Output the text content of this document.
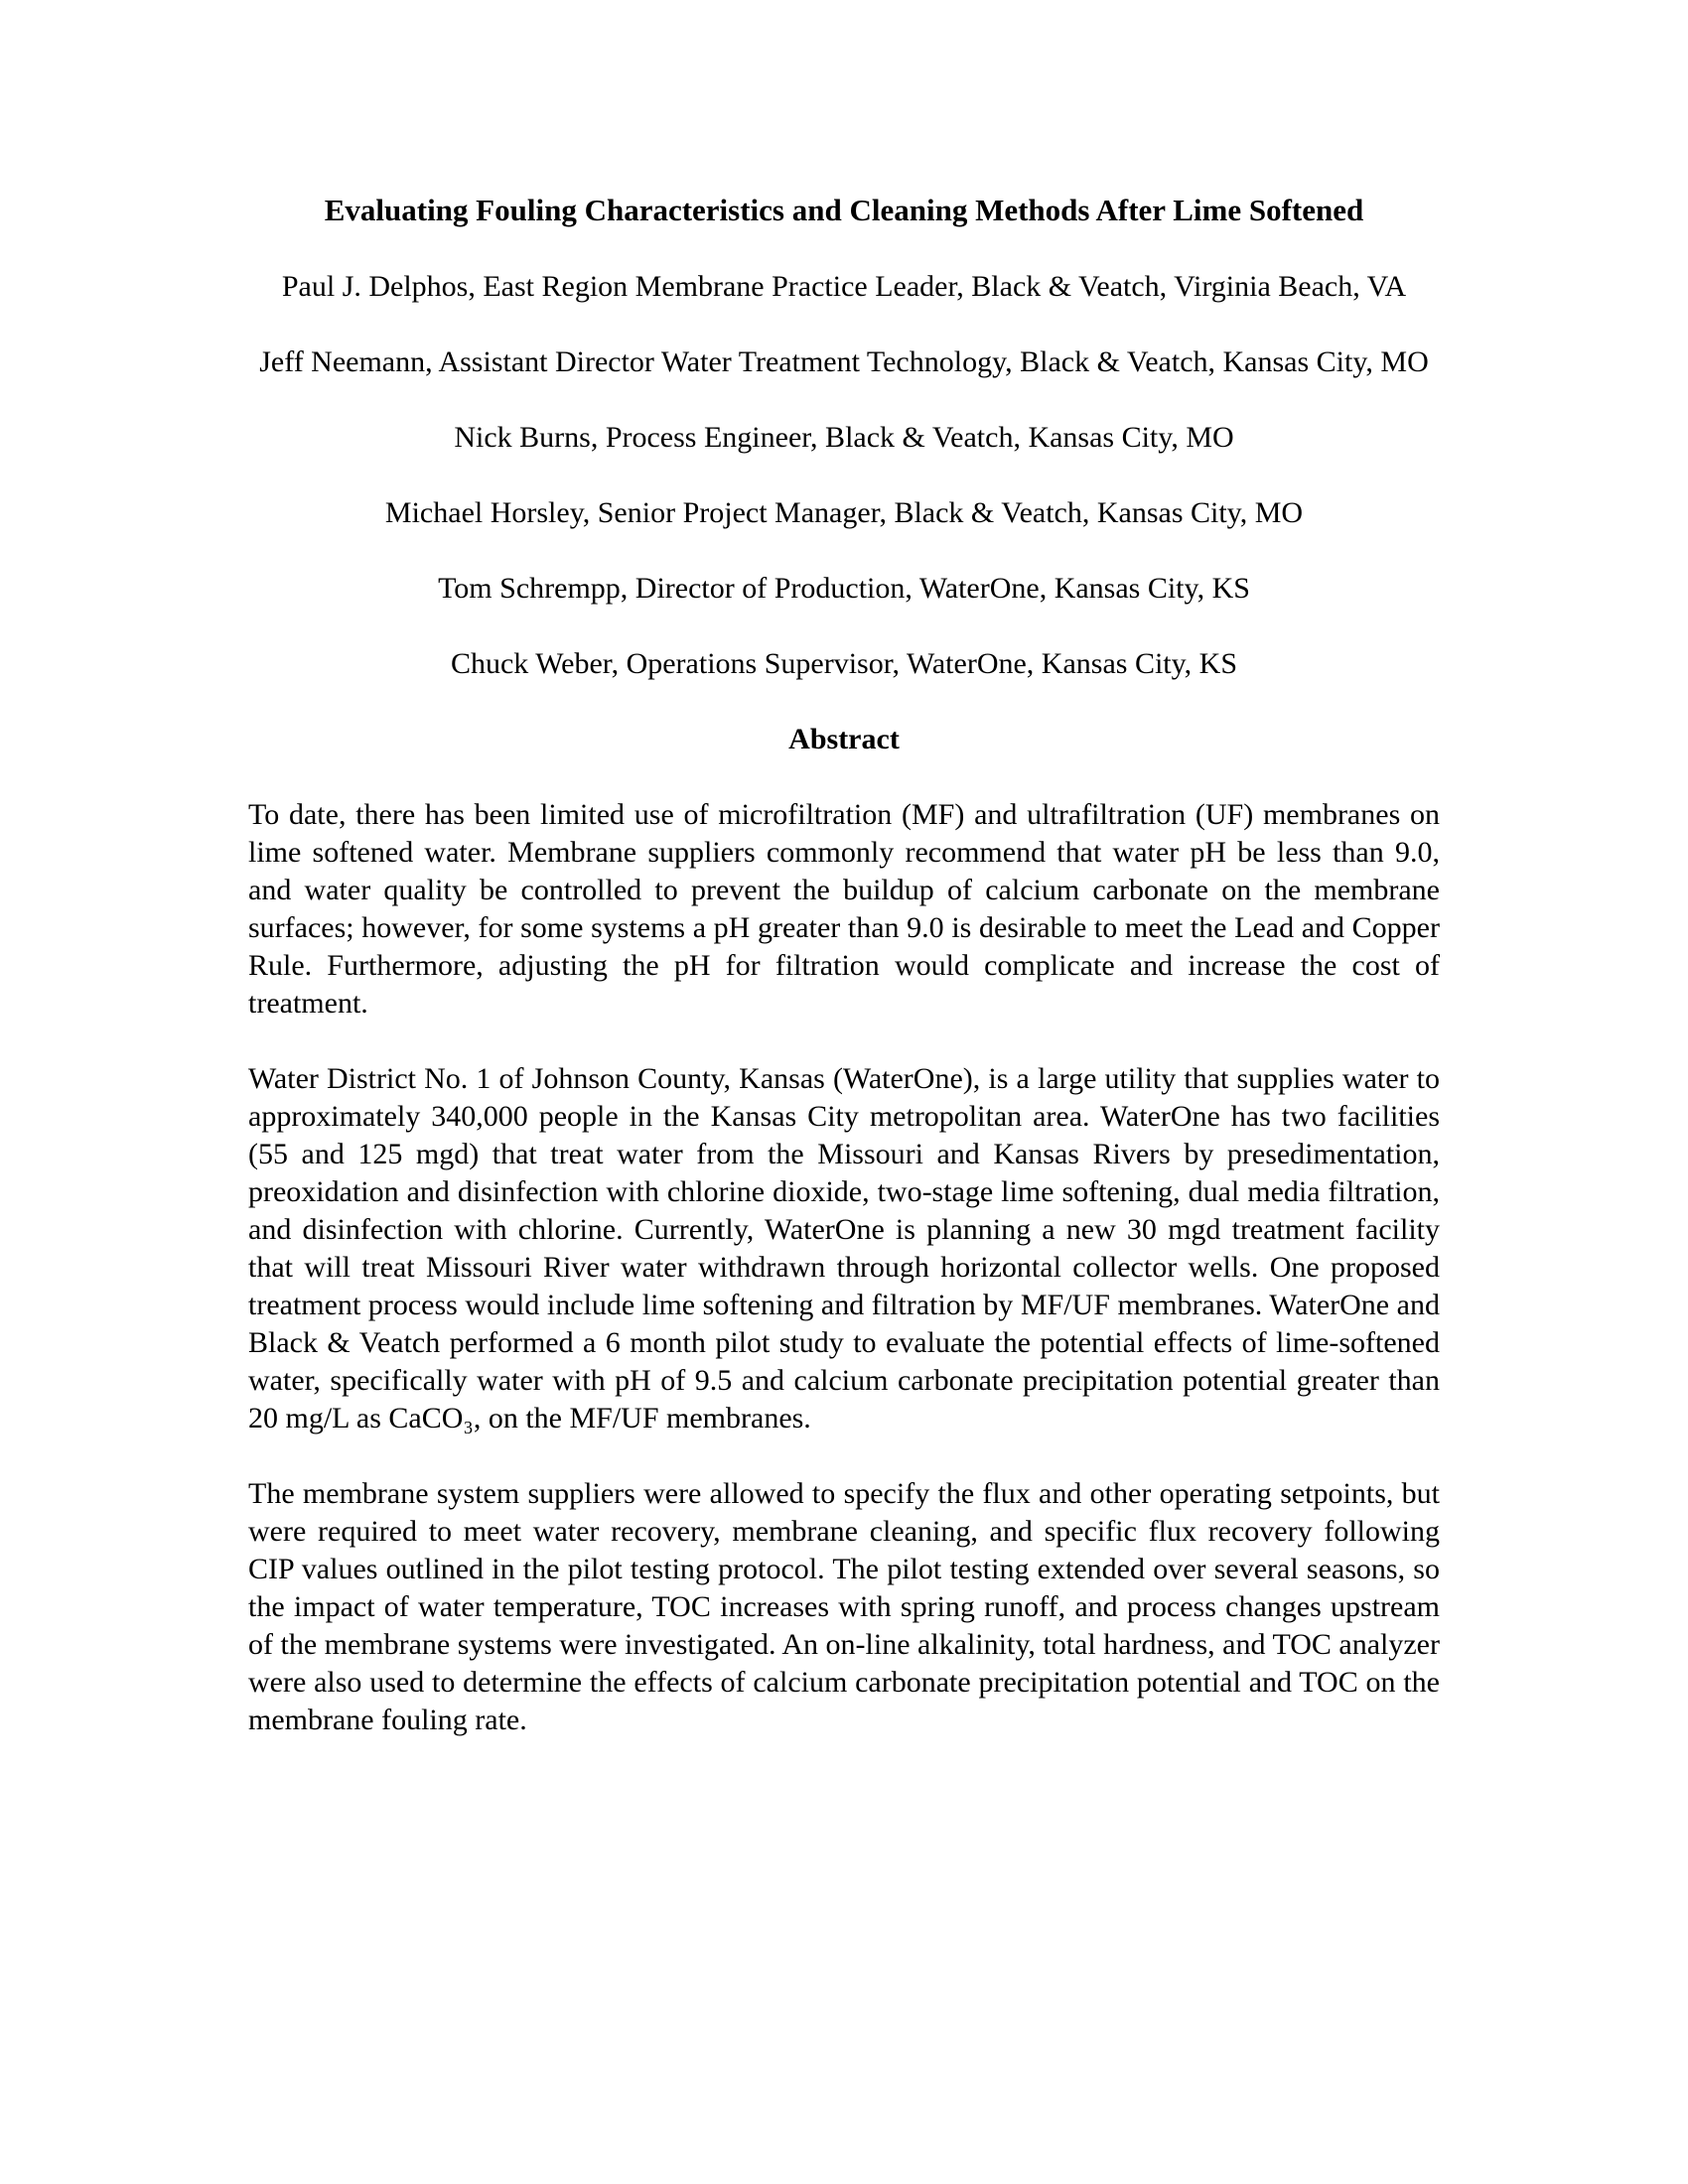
Evaluating Fouling Characteristics and Cleaning Methods After Lime Softened

Paul J. Delphos, East Region Membrane Practice Leader, Black & Veatch, Virginia Beach, VA

Jeff Neemann, Assistant Director Water Treatment Technology, Black & Veatch, Kansas City, MO

Nick Burns, Process Engineer, Black & Veatch, Kansas City, MO

Michael Horsley, Senior Project Manager, Black & Veatch, Kansas City, MO

Tom Schrempp, Director of Production, WaterOne, Kansas City, KS

Chuck Weber, Operations Supervisor, WaterOne, Kansas City, KS

Abstract

To date, there has been limited use of microfiltration (MF) and ultrafiltration (UF) membranes on lime softened water. Membrane suppliers commonly recommend that water pH be less than 9.0, and water quality be controlled to prevent the buildup of calcium carbonate on the membrane surfaces; however, for some systems a pH greater than 9.0 is desirable to meet the Lead and Copper Rule. Furthermore, adjusting the pH for filtration would complicate and increase the cost of treatment.

Water District No. 1 of Johnson County, Kansas (WaterOne), is a large utility that supplies water to approximately 340,000 people in the Kansas City metropolitan area. WaterOne has two facilities (55 and 125 mgd) that treat water from the Missouri and Kansas Rivers by presedimentation, preoxidation and disinfection with chlorine dioxide, two-stage lime softening, dual media filtration, and disinfection with chlorine. Currently, WaterOne is planning a new 30 mgd treatment facility that will treat Missouri River water withdrawn through horizontal collector wells. One proposed treatment process would include lime softening and filtration by MF/UF membranes. WaterOne and Black & Veatch performed a 6 month pilot study to evaluate the potential effects of lime-softened water, specifically water with pH of 9.5 and calcium carbonate precipitation potential greater than 20 mg/L as CaCO₃, on the MF/UF membranes.

The membrane system suppliers were allowed to specify the flux and other operating setpoints, but were required to meet water recovery, membrane cleaning, and specific flux recovery following CIP values outlined in the pilot testing protocol. The pilot testing extended over several seasons, so the impact of water temperature, TOC increases with spring runoff, and process changes upstream of the membrane systems were investigated. An on-line alkalinity, total hardness, and TOC analyzer were also used to determine the effects of calcium carbonate precipitation potential and TOC on the membrane fouling rate.
